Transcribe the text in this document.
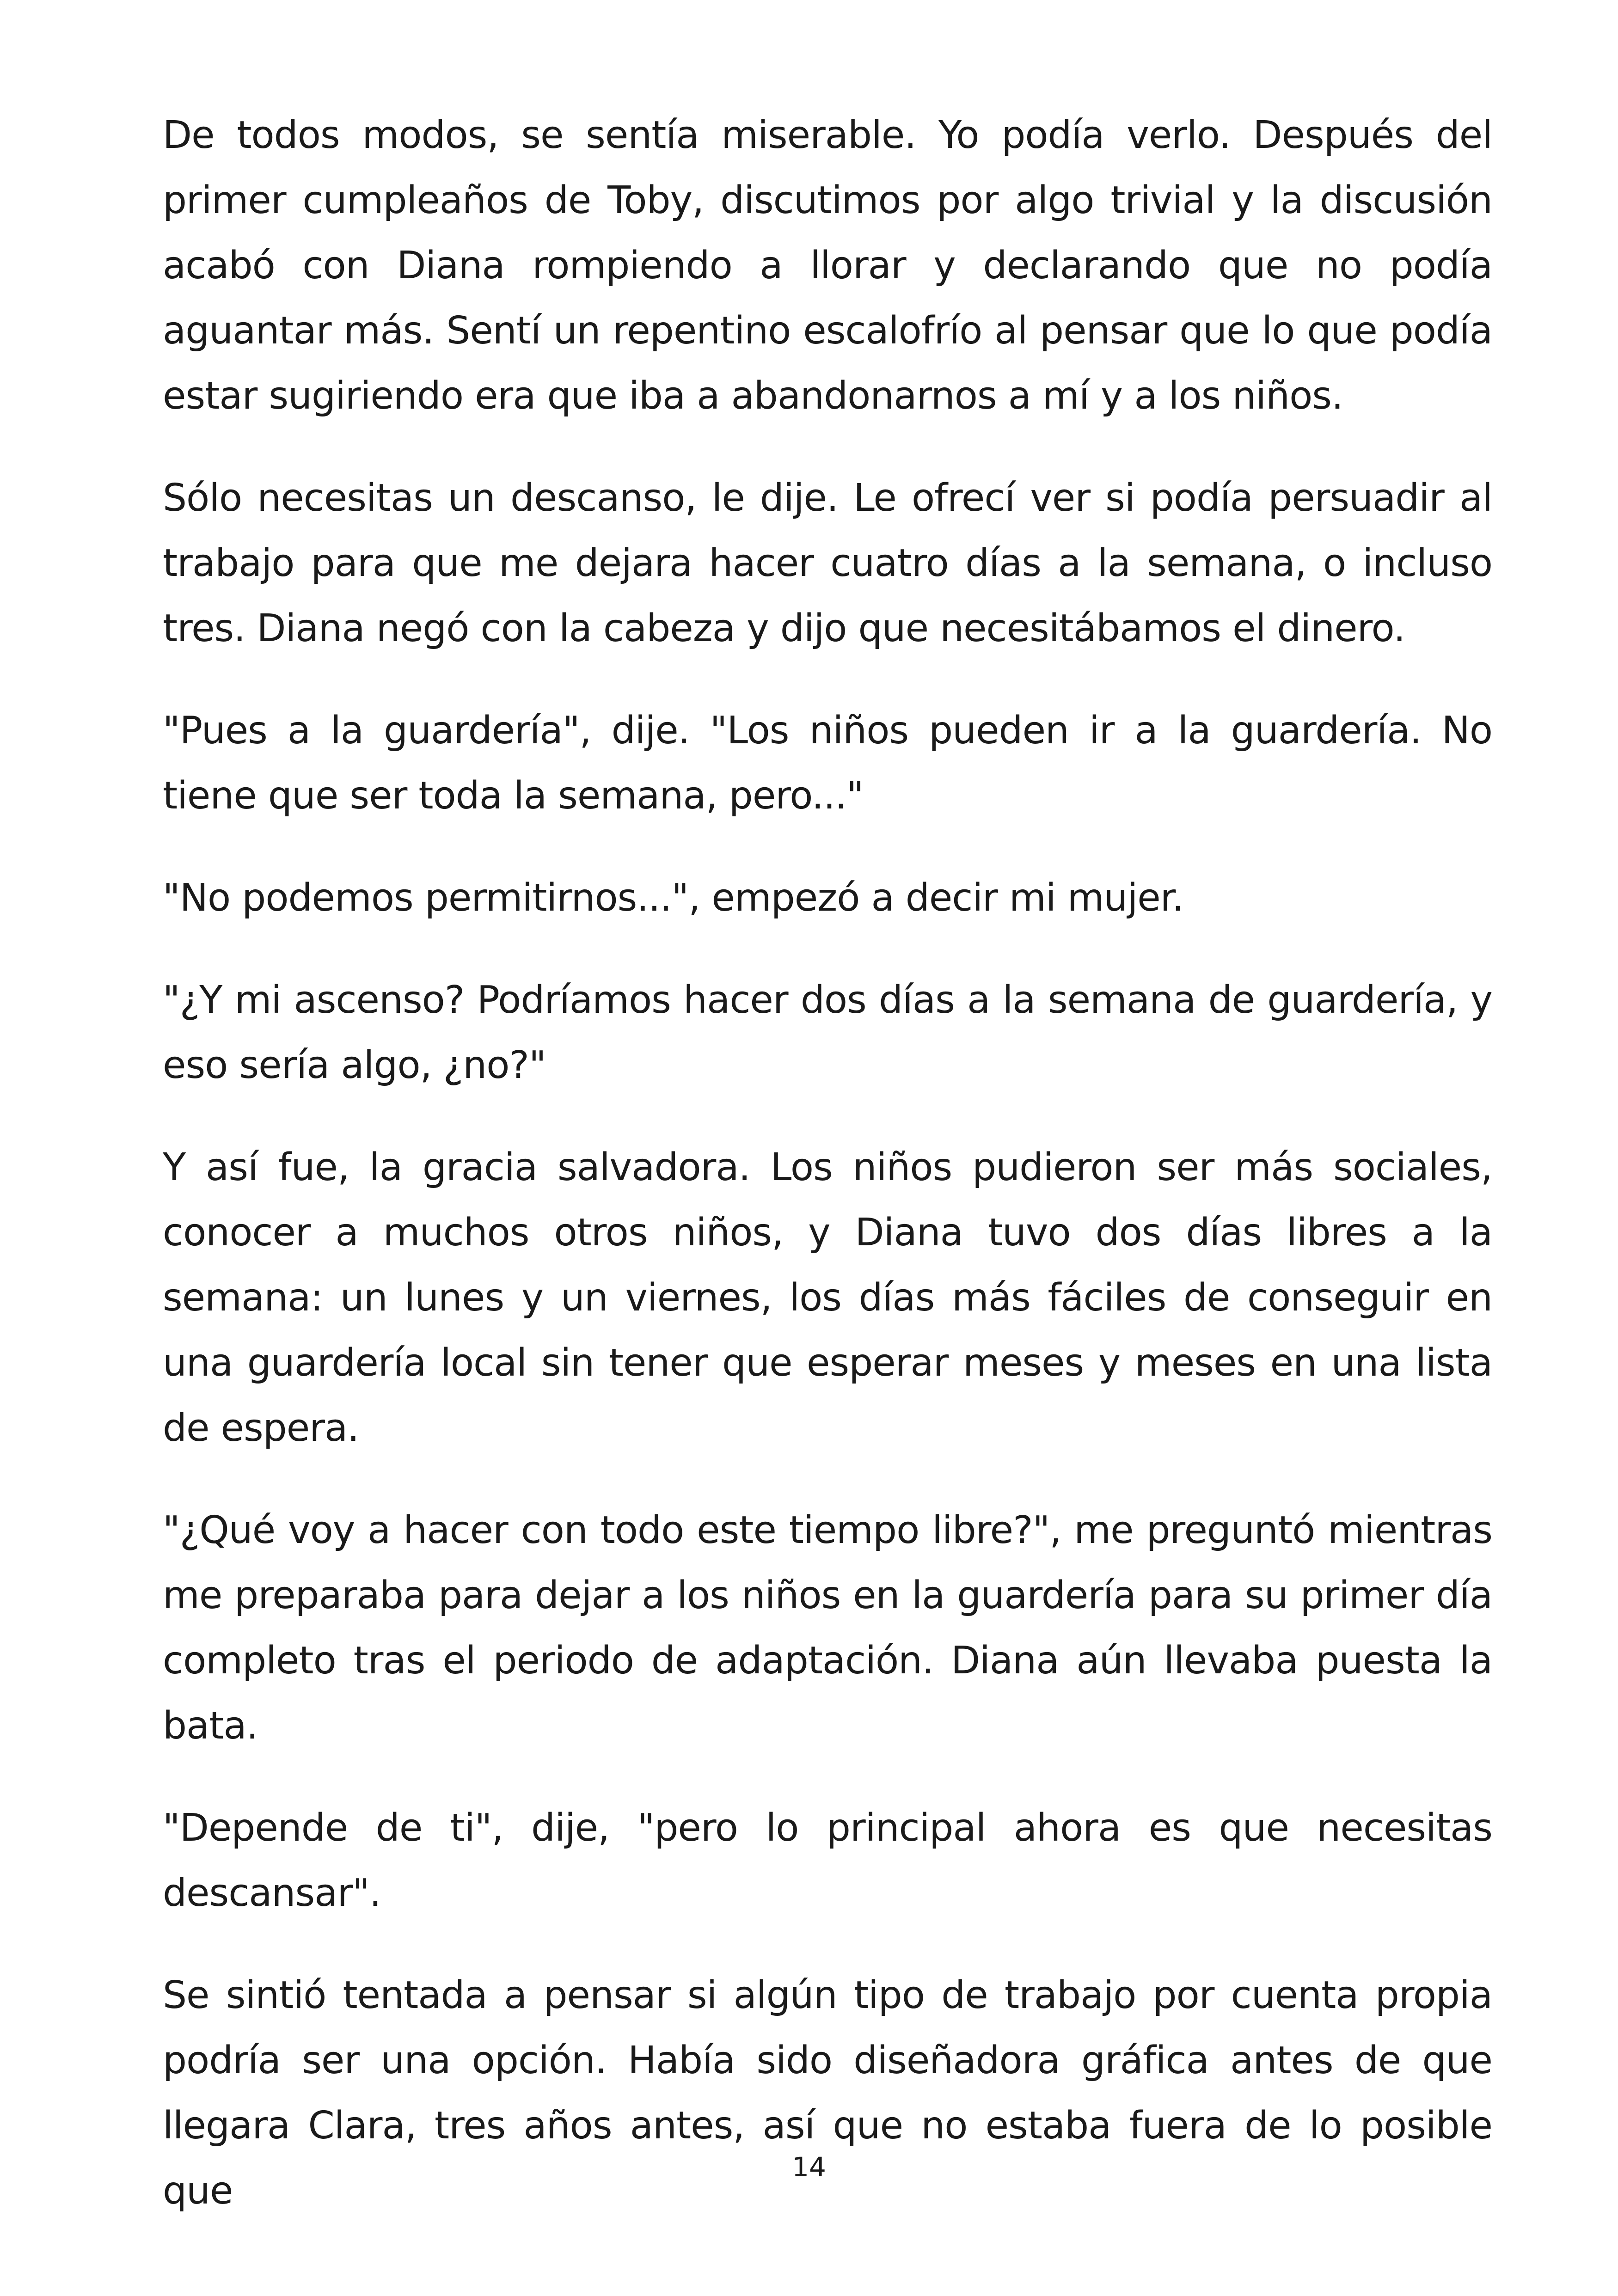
De todos modos, se sentía miserable. Yo podía verlo. Después del primer cumpleaños de Toby, discutimos por algo trivial y la discusión acabó con Diana rompiendo a llorar y declarando que no podía aguantar más. Sentí un repentino escalofrío al pensar que lo que podía estar sugiriendo era que iba a abandonarnos a mí y a los niños.

Sólo necesitas un descanso, le dije. Le ofrecí ver si podía persuadir al trabajo para que me dejara hacer cuatro días a la semana, o incluso tres. Diana negó con la cabeza y dijo que necesitábamos el dinero.

"Pues a la guardería", dije. "Los niños pueden ir a la guardería. No tiene que ser toda la semana, pero..."

"No podemos permitirnos...", empezó a decir mi mujer.

"¿Y mi ascenso? Podríamos hacer dos días a la semana de guardería, y eso sería algo, ¿no?"

Y así fue, la gracia salvadora. Los niños pudieron ser más sociales, conocer a muchos otros niños, y Diana tuvo dos días libres a la semana: un lunes y un viernes, los días más fáciles de conseguir en una guardería local sin tener que esperar meses y meses en una lista de espera.

"¿Qué voy a hacer con todo este tiempo libre?", me preguntó mientras me preparaba para dejar a los niños en la guardería para su primer día completo tras el periodo de adaptación. Diana aún llevaba puesta la bata.

"Depende de ti", dije, "pero lo principal ahora es que necesitas descansar".

Se sintió tentada a pensar si algún tipo de trabajo por cuenta propia podría ser una opción. Había sido diseñadora gráfica antes de que llegara Clara, tres años antes, así que no estaba fuera de lo posible que

14
